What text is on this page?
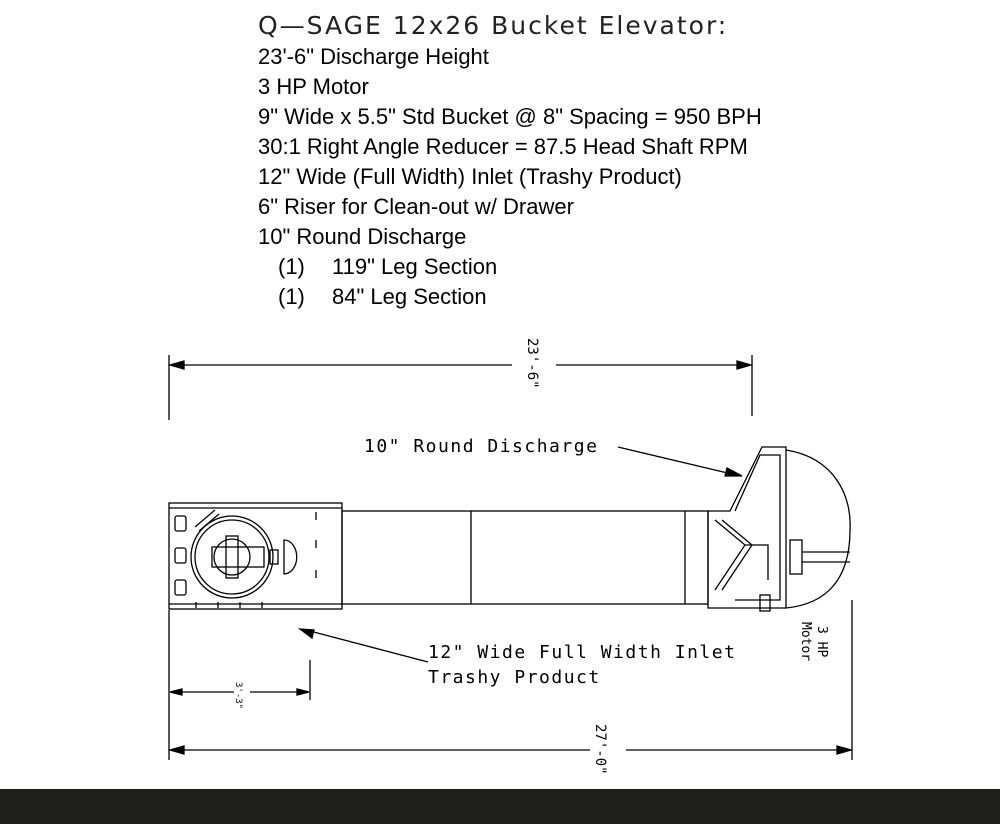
Q—SAGE 12x26 Bucket Elevator:
23'-6" Discharge Height
3 HP Motor
9" Wide x 5.5" Std Bucket @ 8" Spacing = 950 BPH
30:1 Right Angle Reducer = 87.5 Head Shaft RPM
12" Wide (Full Width) Inlet (Trashy Product)
6" Riser for Clean-out w/ Drawer
10" Round Discharge
(1) 119" Leg Section
(1) 84" Leg Section
23'-6"
3'-3"
27'-0"
10" Round Discharge
12" Wide Full Width Inlet
Trashy Product
3 HP
Motor
